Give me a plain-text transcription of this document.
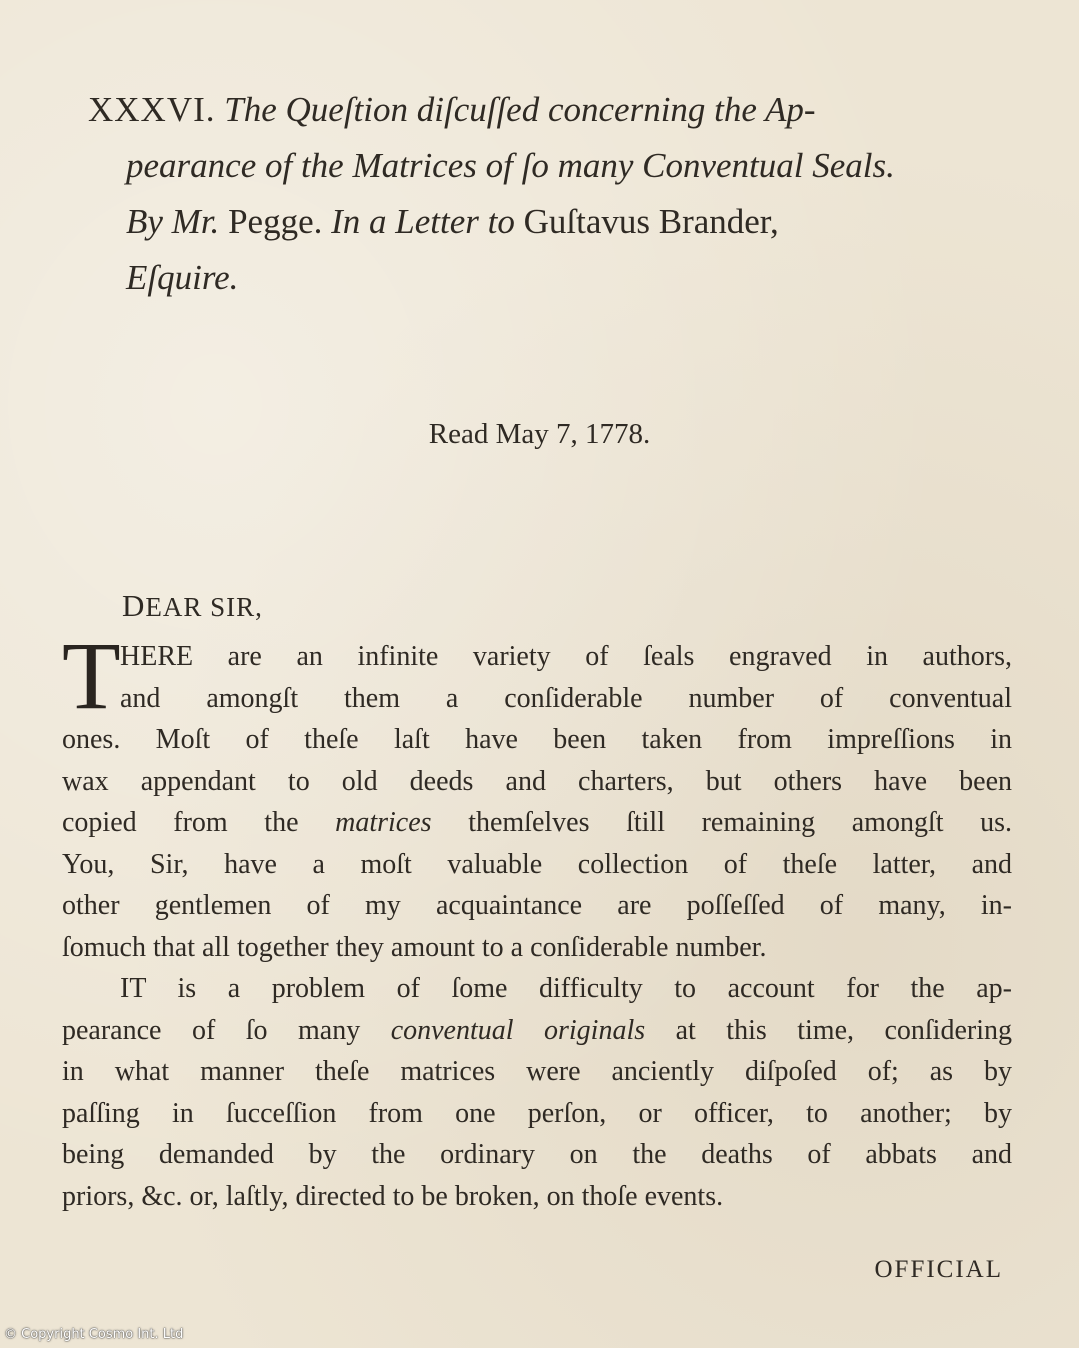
XXXVI. The Queſtion diſcuſſed concerning the Ap-
pearance of the Matrices of ſo many Conventual Seals.
By Mr. Pegge. In a Letter to Guſtavus Brander,
Eſquire.
Read May 7, 1778.
DEAR SIR,
T HERE are an infinite variety of ſeals engraved in authors,
and amongſt them a conſiderable number of conventual
ones. Moſt of theſe laſt have been taken from impreſſions in
wax appendant to old deeds and charters, but others have been
copied from the matrices themſelves ſtill remaining amongſt us.
You, Sir, have a moſt valuable collection of theſe latter, and
other gentlemen of my acquaintance are poſſeſſed of many, in-
ſomuch that all together they amount to a conſiderable number.
IT is a problem of ſome difficulty to account for the ap-
pearance of ſo many conventual originals at this time, conſidering
in what manner theſe matrices were anciently diſpoſed of; as by
paſſing in ſucceſſion from one perſon, or officer, to another; by
being demanded by the ordinary on the deaths of abbats and
priors, &c. or, laſtly, directed to be broken, on thoſe events.
OFFICIAL
© Copyright Cosmo Int. Ltd
